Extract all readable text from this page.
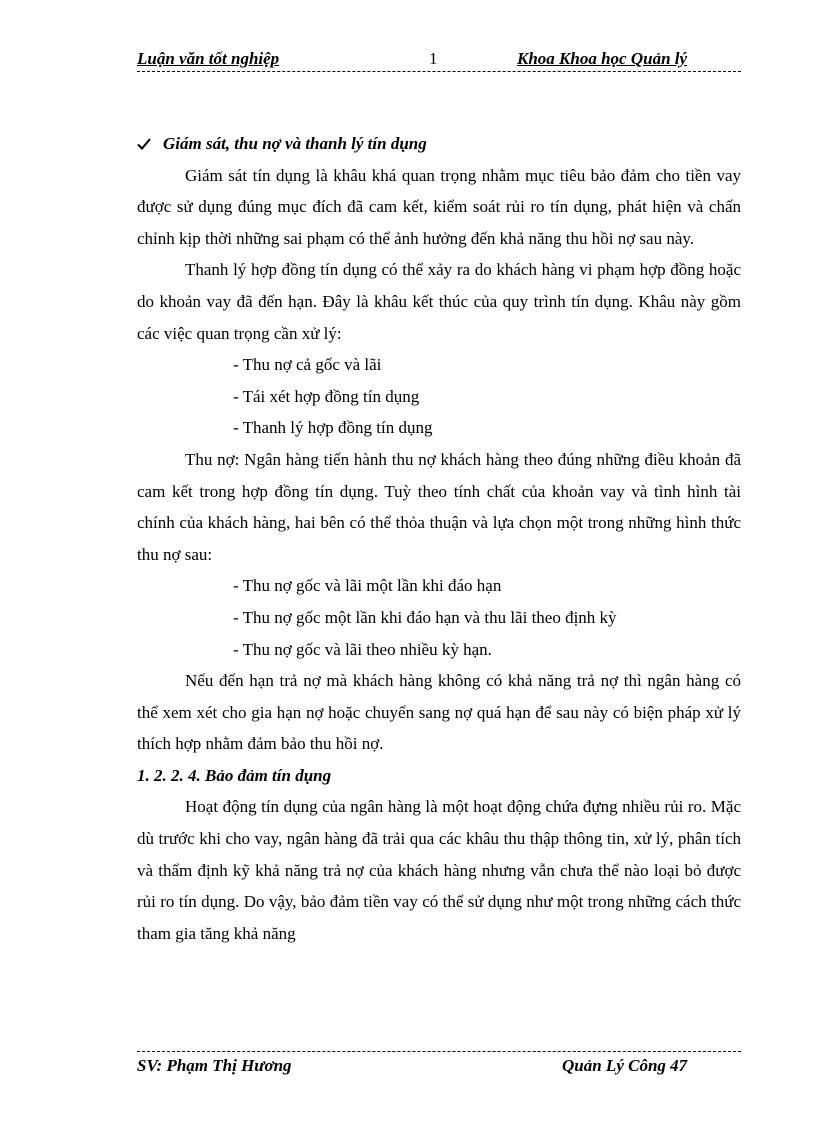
Luận văn tốt nghiệp	1	Khoa Khoa học Quản lý

Giám sát, thu nợ và thanh lý tín dụng

Giám sát tín dụng là khâu khá quan trọng nhằm mục tiêu bảo đảm cho tiền vay được sử dụng đúng mục đích đã cam kết, kiểm soát rủi ro tín dụng, phát hiện và chấn chỉnh kịp thời những sai phạm có thể ảnh hưởng đến khả năng thu hồi nợ sau này.

Thanh lý hợp đồng tín dụng có thể xảy ra do khách hàng vi phạm hợp đồng hoặc do khoản vay đã đến hạn. Đây là khâu kết thúc của quy trình tín dụng. Khâu này gồm các việc quan trọng cần xử lý:

- Thu nợ cả gốc và lãi

- Tái xét hợp đồng tín dụng

- Thanh lý hợp đồng tín dụng

Thu nợ: Ngân hàng tiến hành thu nợ khách hàng theo đúng những điều khoản đã cam kết trong hợp đồng tín dụng. Tuỳ theo tính chất của khoản vay và tình hình tài chính của khách hàng, hai bên có thể thỏa thuận và lựa chọn một trong những hình thức thu nợ sau:

- Thu nợ gốc và lãi một lần khi đáo hạn

- Thu nợ gốc một lần khi đáo hạn và thu lãi theo định kỳ

- Thu nợ gốc và lãi theo nhiều kỳ hạn.

Nếu đến hạn trả nợ mà khách hàng không có khả năng trả nợ thì ngân hàng có thể xem xét cho gia hạn nợ hoặc chuyển sang nợ quá hạn để sau này có biện pháp xử lý thích hợp nhằm đảm bảo thu hồi nợ.

1. 2. 2. 4. Bảo đảm tín dụng

Hoạt động tín dụng của ngân hàng là một hoạt động chứa đựng nhiều rủi ro. Mặc dù trước khi cho vay, ngân hàng đã trải qua các khâu thu thập thông tin, xử lý, phân tích và thẩm định kỹ khả năng trả nợ của khách hàng nhưng vẫn chưa thể nào loại bỏ được rủi ro tín dụng. Do vậy, bảo đảm tiền vay có thể sử dụng như một trong những cách thức tham gia tăng khả năng

SV: Phạm Thị Hương	Quản Lý Công 47
